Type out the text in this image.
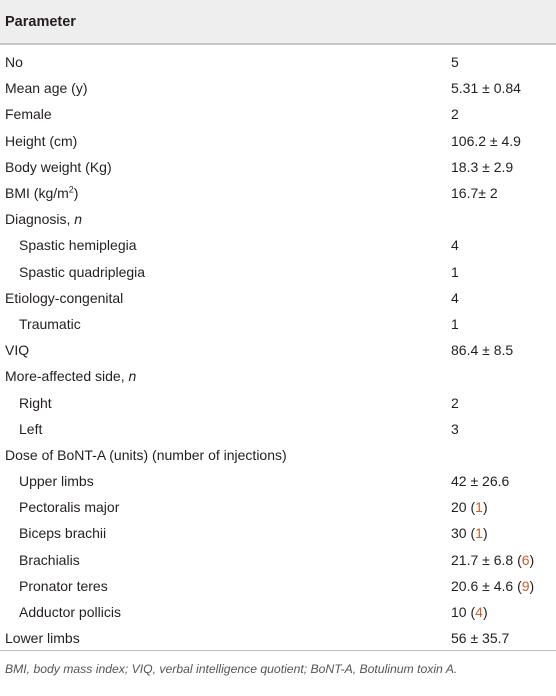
Parameter
No	5
Mean age (y)	5.31 ± 0.84
Female	2
Height (cm)	106.2 ± 4.9
Body weight (Kg)	18.3 ± 2.9
BMI $(kg/m^2)$	16.7± 2
Diagnosis, n
Spastic hemiplegia	4
Spastic quadriplegia	1
Etiology-congenital	4
Traumatic	1
VIQ	86.4 ± 8.5
More-affected side, n
Right	2
Left	3
Dose of BoNT-A (units) (number of injections)
Upper limbs	42 ± 26.6
Pectoralis major	20 (1)
Biceps brachii	30 (1)
Brachialis	21.7 ± 6.8 (6)
Pronator teres	20.6 ± 4.6 (9)
Adductor pollicis	10 (4)
Lower limbs	56 ± 35.7
BMI, body mass index; VIQ, verbal intelligence quotient; BoNT-A, Botulinum toxin A.
